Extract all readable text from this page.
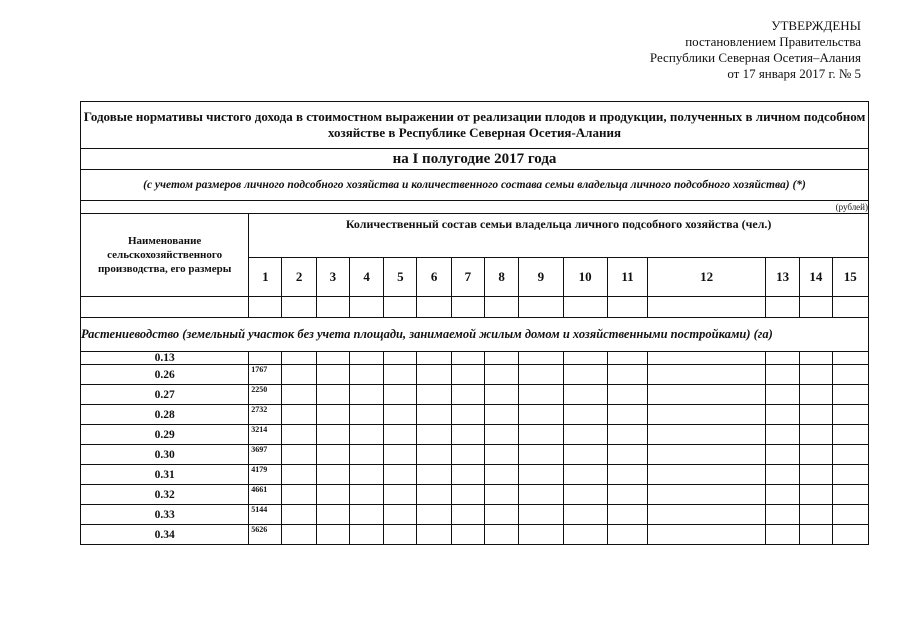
УТВЕРЖДЕНЫ
постановлением Правительства
Республики Северная Осетия–Алания
от 17 января 2017 г. № 5
Годовые нормативы чистого дохода в стоимостном выражении от реализации плодов и продукции, полученных в личном подсобном хозяйстве в Республике Северная Осетия-Алания															
на I полугодие 2017 года															
(с учетом размеров личного подсобного хозяйства и количественного состава семьи владельца личного подсобного хозяйства) (*)															
(рублей)															
Наименование сельскохозяйственного производства, его размеры	Количественный состав семьи владельца личного подсобного хозяйства (чел.)														
	1	2	3	4	5	6	7	8	9	10	11	12	13	14	15

Растениеводство (земельный участок без учета площади, занимаемой жилым домом и хозяйственными постройками) (га)															
0.13															
0.26	1767														
0.27	2250														
0.28	2732														
0.29	3214														
0.30	3697														
0.31	4179														
0.32	4661														
0.33	5144														
0.34	5626														
